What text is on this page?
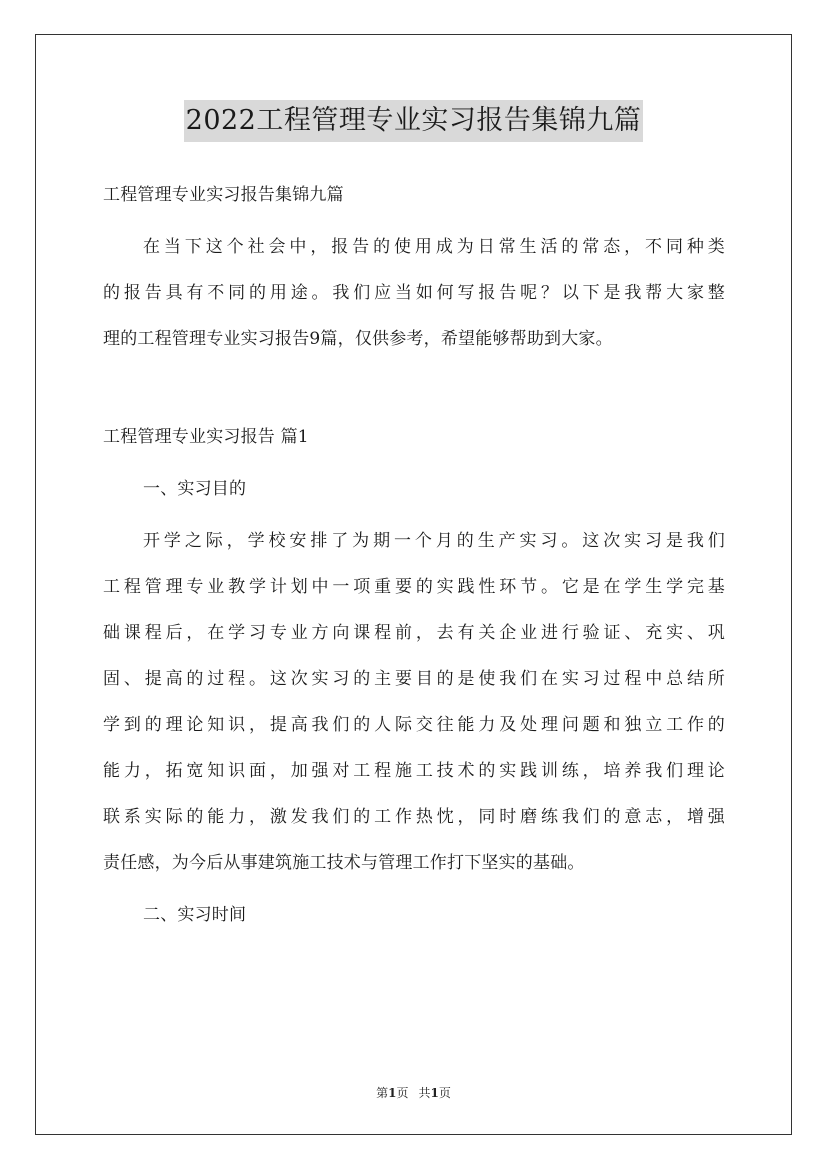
2022工程管理专业实习报告集锦九篇
工程管理专业实习报告集锦九篇
在当下这个社会中，报告的使用成为日常生活的常态，不同种类
的报告具有不同的用途。我们应当如何写报告呢？以下是我帮大家整
理的工程管理专业实习报告9篇，仅供参考，希望能够帮助到大家。
工程管理专业实习报告 篇1
一、实习目的
开学之际，学校安排了为期一个月的生产实习。这次实习是我们
工程管理专业教学计划中一项重要的实践性环节。它是在学生学完基
础课程后，在学习专业方向课程前，去有关企业进行验证、充实、巩
固、提高的过程。这次实习的主要目的是使我们在实习过程中总结所
学到的理论知识，提高我们的人际交往能力及处理问题和独立工作的
能力，拓宽知识面，加强对工程施工技术的实践训练，培养我们理论
联系实际的能力，激发我们的工作热忱，同时磨练我们的意志，增强
责任感，为今后从事建筑施工技术与管理工作打下坚实的基础。
二、实习时间
第1页 共1页
